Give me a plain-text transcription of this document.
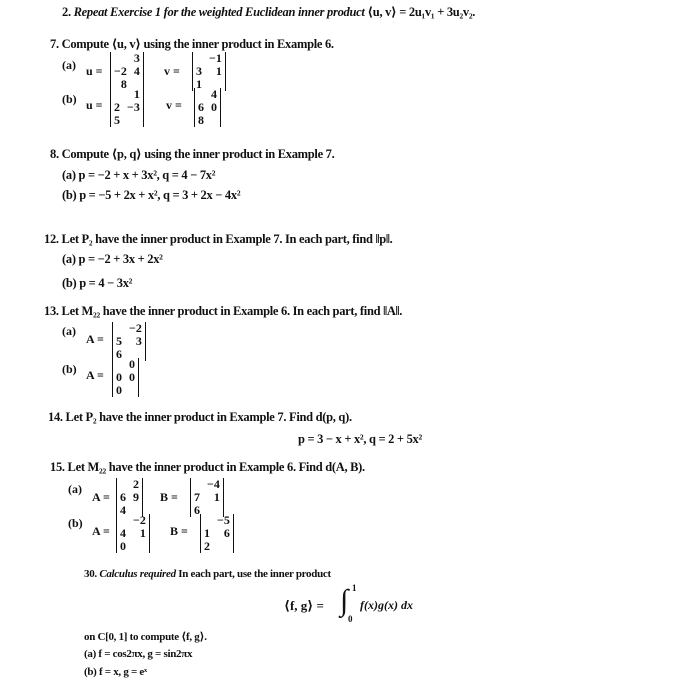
2. Repeat Exercise 1 for the weighted Euclidean inner product ⟨u, v⟩ = 2u₁v₁ + 3u₂v₂.
7. Compute ⟨u, v⟩ using the inner product in Example 6.
(a) u =
3
−2 4
8
v =
−1
3	1
1
(b) u =
1
2 −3
5
v =
4
6 0
8
8. Compute ⟨p, q⟩ using the inner product in Example 7.
(a) p = −2 + x + 3x², q = 4 − 7x²
(b) p = −5 + 2x + x², q = 3 + 2x − 4x²
12. Let P₂ have the inner product in Example 7. In each part, find ‖p‖.
(a) p = −2 + 3x + 2x²
(b) p = 4 − 3x²
13. Let M₂₂ have the inner product in Example 6. In each part, find ‖A‖.
(a)
A =
−2
5	3
6
(b) A =
0
0 0
0
14. Let P₂ have the inner product in Example 7. Find d(p, q).
p = 3 − x + x², q = 2 + 5x²
15. Let M₂₂ have the inner product in Example 6. Find d(A, B).
(a)
A =
2
6 9
4
B =
−4
7	1
6
(b)
A =
−2
4	1
0
B =
−5
1	6
2
30. Calculus required In each part, use the inner product
⟨f, g⟩ = ∫ 1
0
f(x)g(x) dx
on C[0, 1] to compute ⟨f, g⟩.
(a) f = cos2πx, g = sin2πx
(b) f = x, g = eˣ
